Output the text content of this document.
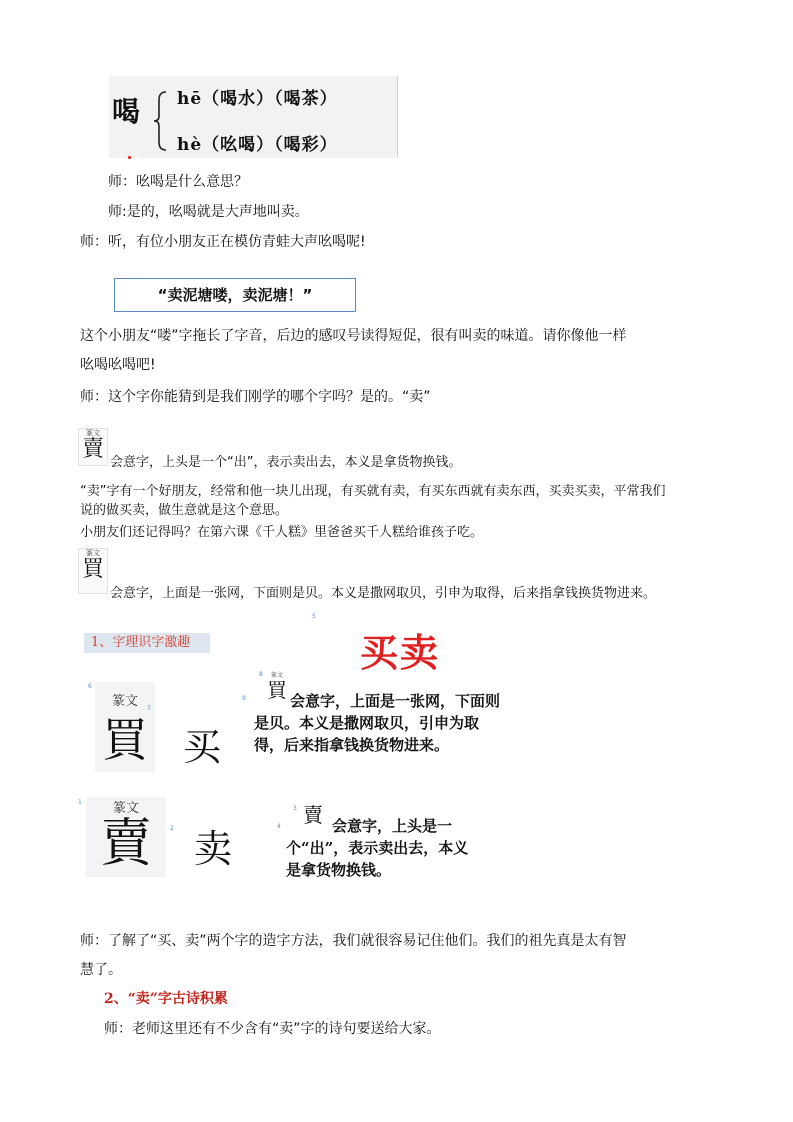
喝 hē（喝水）（喝茶）
hè（吆喝）（喝彩）
师：吆喝是什么意思？
师:是的，吆喝就是大声地叫卖。
师：听，有位小朋友正在模仿青蛙大声吆喝呢!
“卖泥塘喽，卖泥塘！”
这个小朋友“喽”字拖长了字音，后边的感叹号读得短促，很有叫卖的味道。请你像他一样
吆喝吆喝吧!
师：这个字你能猜到是我们刚学的哪个字吗？是的。“卖”
篆文
賣
会意字，上头是一个“出”，表示卖出去，本义是拿货物换钱。
“卖”字有一个好朋友，经常和他一块儿出现，有买就有卖，有买东西就有卖东西，买卖买卖，平常我们
说的做买卖，做生意就是这个意思。
小朋友们还记得吗？在第六课《千人糕》里爸爸买千人糕给谁孩子吃。
篆文
買
会意字，上面是一张网，下面则是贝。本义是撒网取贝，引申为取得，后来指拿钱换货物进来。
5
1、字理识字激趣	买卖
6
篆文
買
7
买
9
8	篆文
買 会意字，上面是一张网，下面则是贝。本义是撒网取贝，引申为取得，后来指拿钱换货物进来。
1	篆文
賣	2 卖
3
4 賣 会意字，上头是一个“出”，表示卖出去，本义是拿货物换钱。
师：了解了“买、卖”两个字的造字方法，我们就很容易记住他们。我们的祖先真是太有智
慧了。
2、“卖”字古诗积累
师：老师这里还有不少含有“卖”字的诗句要送给大家。
